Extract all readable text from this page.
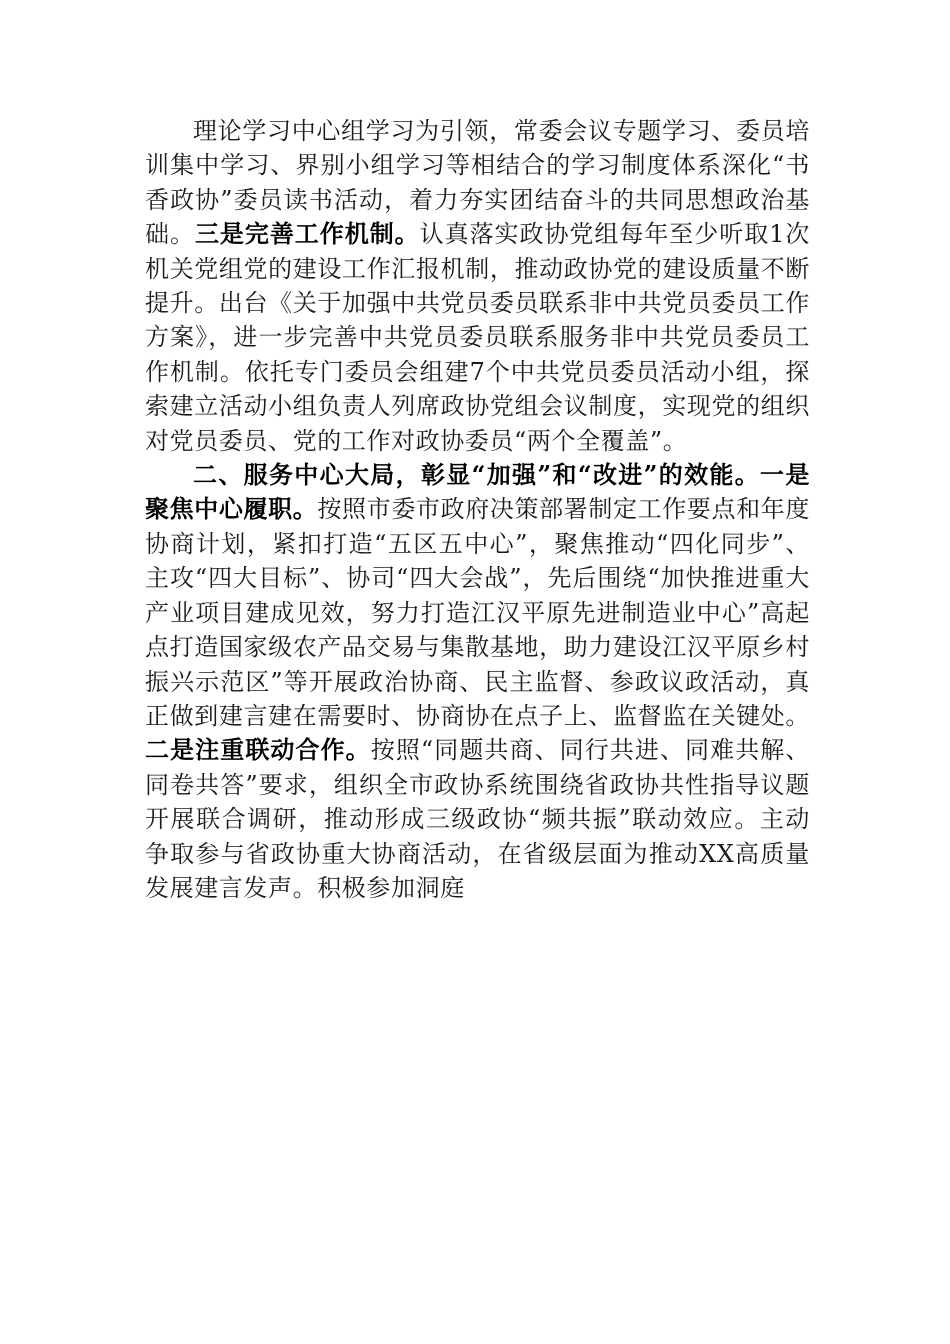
理论学习中心组学习为引领，常委会议专题学习、委员培训集中学习、界别小组学习等相结合的学习制度体系深化“书香政协”委员读书活动，着力夯实团结奋斗的共同思想政治基础。三是完善工作机制。认真落实政协党组每年至少听取1次机关党组党的建设工作汇报机制，推动政协党的建设质量不断提升。出台《关于加强中共党员委员联系非中共党员委员工作方案》，进一步完善中共党员委员联系服务非中共党员委员工作机制。依托专门委员会组建7个中共党员委员活动小组，探索建立活动小组负责人列席政协党组会议制度，实现党的组织对党员委员、党的工作对政协委员“两个全覆盖”。

二、服务中心大局，彰显“加强”和“改进”的效能。一是聚焦中心履职。按照市委市政府决策部署制定工作要点和年度协商计划，紧扣打造“五区五中心”，聚焦推动“四化同步”、主攻“四大目标”、协司“四大会战”，先后围绕“加快推进重大产业项目建成见效，努力打造江汉平原先进制造业中心”高起点打造国家级农产品交易与集散基地，助力建设江汉平原乡村振兴示范区”等开展政治协商、民主监督、参政议政活动，真正做到建言建在需要时、协商协在点子上、监督监在关键处。二是注重联动合作。按照“同题共商、同行共进、同难共解、同卷共答”要求，组织全市政协系统围绕省政协共性指导议题开展联合调研，推动形成三级政协“频共振”联动效应。主动争取参与省政协重大协商活动，在省级层面为推动XX高质量发展建言发声。积极参加洞庭
